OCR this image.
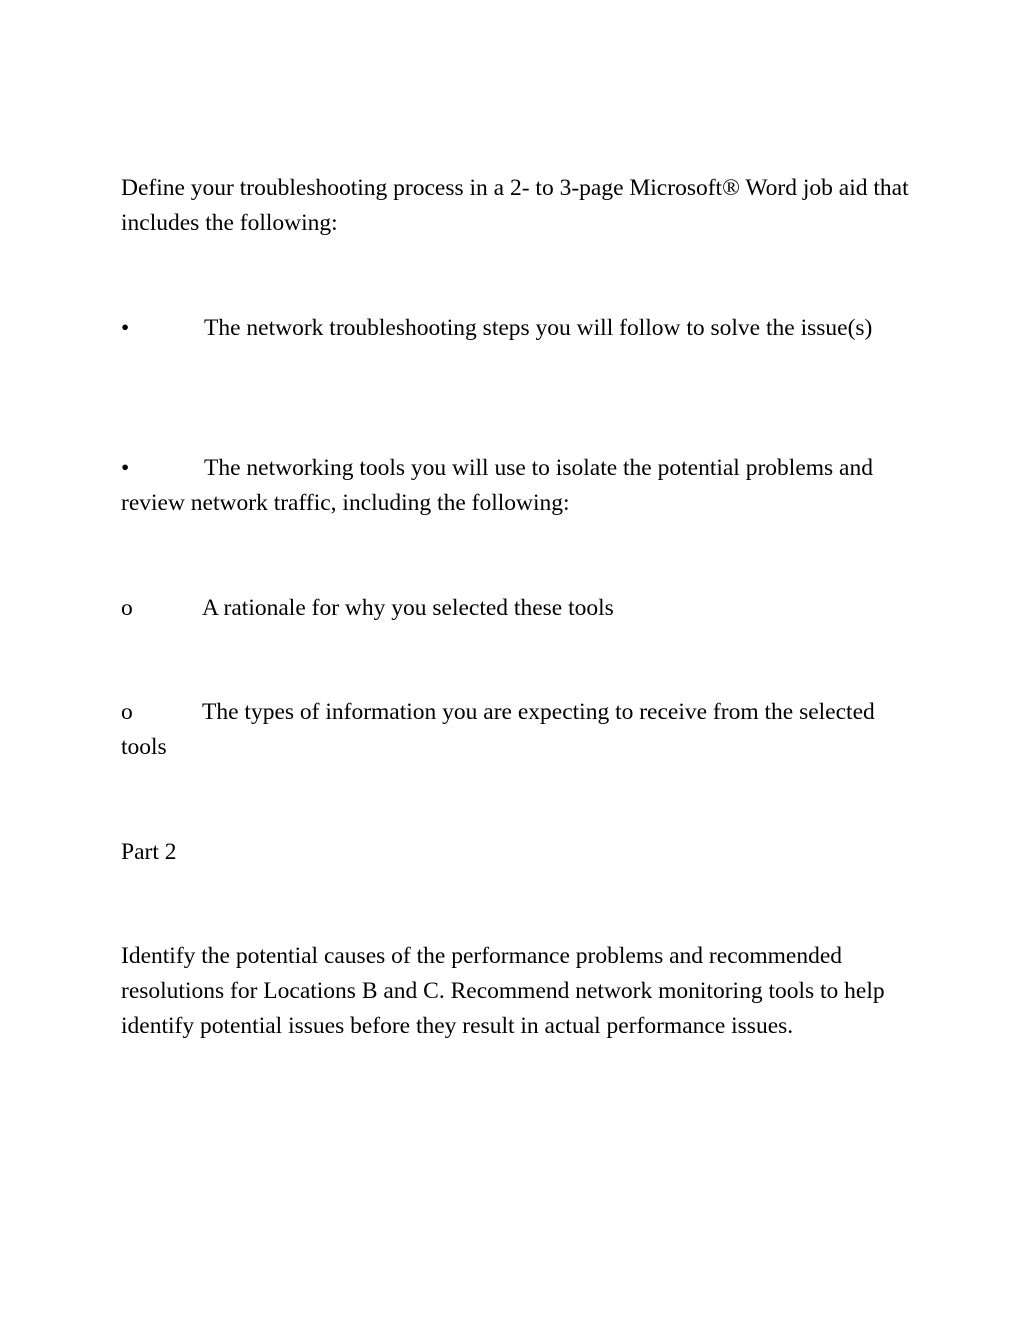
Define your troubleshooting process in a 2- to 3-page Microsoft® Word job aid that includes the following:

•	The network troubleshooting steps you will follow to solve the issue(s)

•	The networking tools you will use to isolate the potential problems and review network traffic, including the following:

o	A rationale for why you selected these tools

o	The types of information you are expecting to receive from the selected tools

Part 2

Identify the potential causes of the performance problems and recommended resolutions for Locations B and C. Recommend network monitoring tools to help identify potential issues before they result in actual performance issues.
